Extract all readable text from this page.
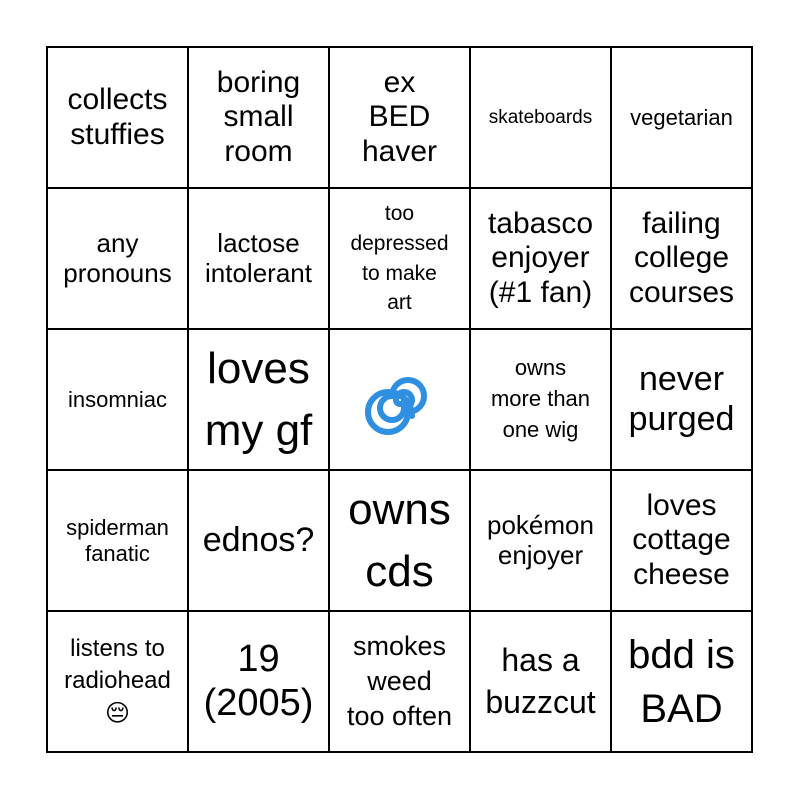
collects
stuffies
boring
small
room
ex
BED
haver
skateboards vegetarian
any
pronouns
lactose
intolerant
too
depressed
to make
art
tabasco
enjoyer
(#1 fan)
failing
college
courses
insomniac
loves
my gf
owns
more than
one wig
never
purged
spiderman
fanatic	ednos?
owns
cds
pokémon
enjoyer
loves
cottage
cheese
listens to
radiohead
😔
19
(2005)
smokes
weed
too often
has a
buzzcut
bdd is
BAD
